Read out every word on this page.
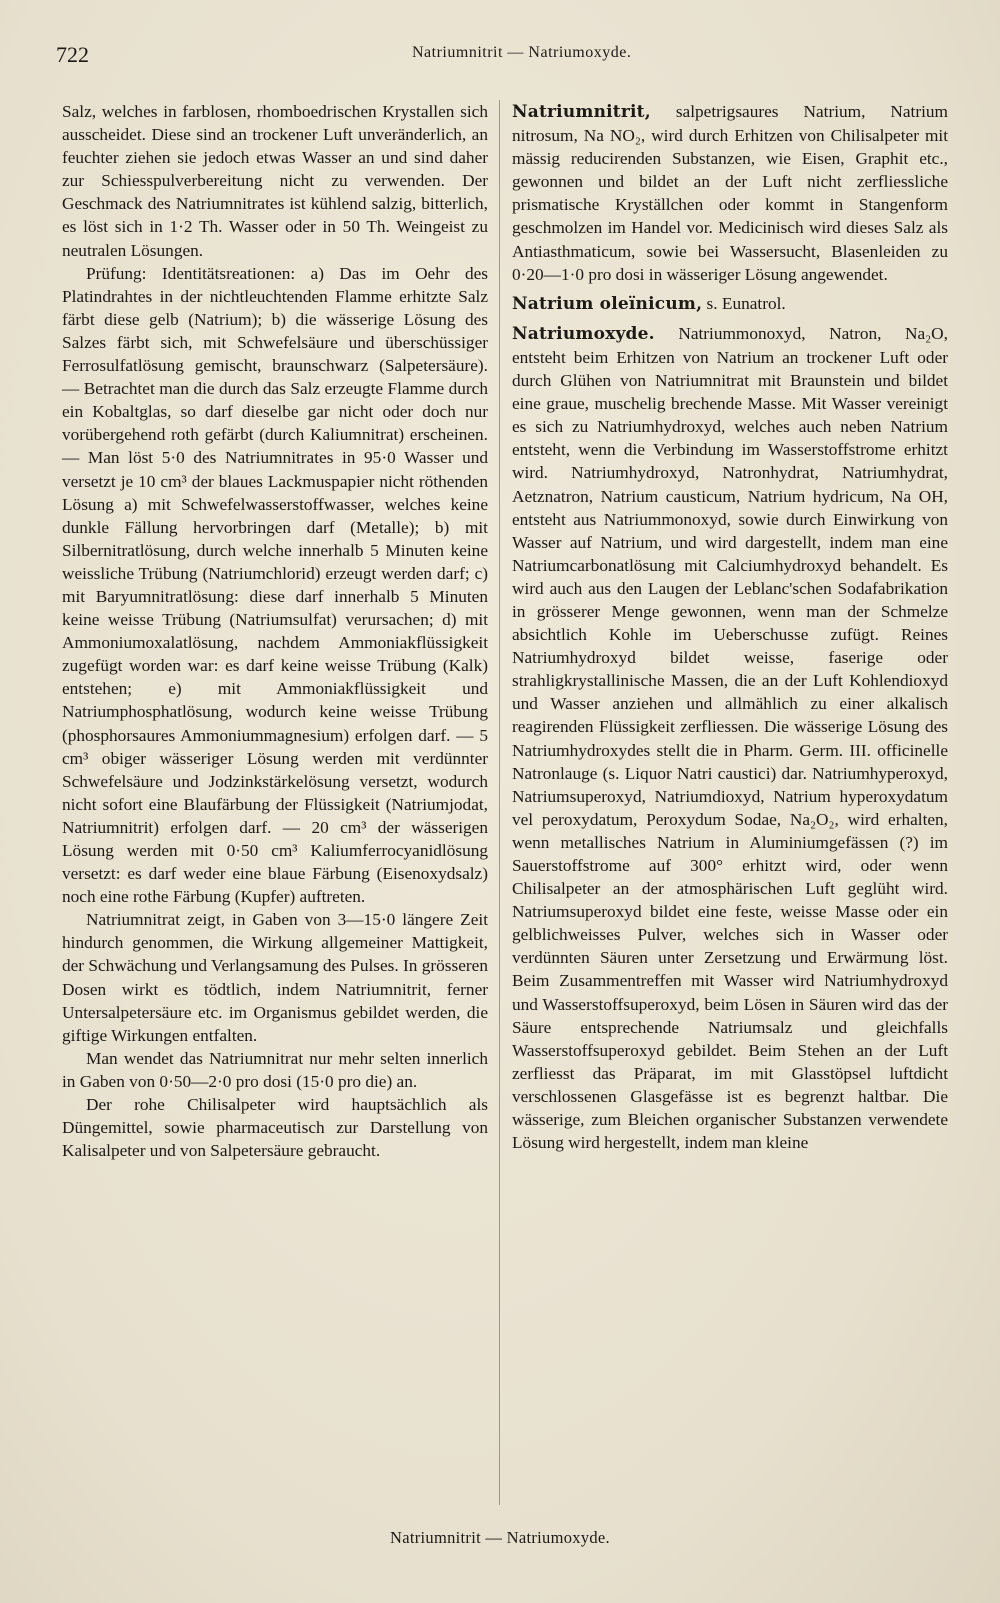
722	Natriumnitrit — Natriumoxyde.

Salz, welches in farblosen, rhomboedrischen Krystallen sich ausscheidet. Diese sind an trockener Luft unveränderlich, an feuchter ziehen sie jedoch etwas Wasser an und sind daher zur Schiesspulverbereitung nicht zu verwenden. Der Geschmack des Natriumnitrates ist kühlend salzig, bitterlich, es löst sich in 1·2 Th. Wasser oder in 50 Th. Weingeist zu neutralen Lösungen.

Prüfung: Identitätsreationen: a) Das im Oehr des Platindrahtes in der nichtleuchtenden Flamme erhitzte Salz färbt diese gelb (Natrium); b) die wässerige Lösung des Salzes färbt sich, mit Schwefelsäure und überschüssiger Ferrosulfatlösung gemischt, braunschwarz (Salpetersäure). — Betrachtet man die durch das Salz erzeugte Flamme durch ein Kobaltglas, so darf dieselbe gar nicht oder doch nur vorübergehend roth gefärbt (durch Kaliumnitrat) erscheinen. — Man löst 5·0 des Natriumnitrates in 95·0 Wasser und versetzt je 10 cm³ der blaues Lackmuspapier nicht röthenden Lösung a) mit Schwefelwasserstoffwasser, welches keine dunkle Fällung hervorbringen darf (Metalle); b) mit Silbernitratlösung, durch welche innerhalb 5 Minuten keine weissliche Trübung (Natriumchlorid) erzeugt werden darf; c) mit Baryumnitratlösung: diese darf innerhalb 5 Minuten keine weisse Trübung (Natriumsulfat) verursachen; d) mit Ammoniumoxalatlösung, nachdem Ammoniakflüssigkeit zugefügt worden war: es darf keine weisse Trübung (Kalk) entstehen; e) mit Ammoniakflüssigkeit und Natriumphosphatlösung, wodurch keine weisse Trübung (phosphorsaures Ammoniummagnesium) erfolgen darf. — 5 cm³ obiger wässeriger Lösung werden mit verdünnter Schwefelsäure und Jodzinkstärkelösung versetzt, wodurch nicht sofort eine Blaufärbung der Flüssigkeit (Natriumjodat, Natriumnitrit) erfolgen darf. — 20 cm³ der wässerigen Lösung werden mit 0·50 cm³ Kaliumferrocyanidlösung versetzt: es darf weder eine blaue Färbung (Eisenoxydsalz) noch eine rothe Färbung (Kupfer) auftreten.

Natriumnitrat zeigt, in Gaben von 3—15·0 längere Zeit hindurch genommen, die Wirkung allgemeiner Mattigkeit, der Schwächung und Verlangsamung des Pulses. In grösseren Dosen wirkt es tödtlich, indem Natriumnitrit, ferner Untersalpetersäure etc. im Organismus gebildet werden, die giftige Wirkungen entfalten.

Man wendet das Natriumnitrat nur mehr selten innerlich in Gaben von 0·50—2·0 pro dosi (15·0 pro die) an.

Der rohe Chilisalpeter wird hauptsächlich als Düngemittel, sowie pharmaceutisch zur Darstellung von Kalisalpeter und von Salpetersäure gebraucht.

Natriumnitrit, salpetrigsaures Natrium, Natrium nitrosum, Na NO₂, wird durch Erhitzen von Chilisalpeter mit mässig reducirenden Substanzen, wie Eisen, Graphit etc., gewonnen und bildet an der Luft nicht zerfliessliche prismatische Kryställchen oder kommt in Stangenform geschmolzen im Handel vor. Medicinisch wird dieses Salz als Antiasthmaticum, sowie bei Wassersucht, Blasenleiden zu 0·20—1·0 pro dosi in wässeriger Lösung angewendet.

Natrium oleïnicum, s. Eunatrol.

Natriumoxyde. Natriummonoxyd, Natron, Na₂O, entsteht beim Erhitzen von Natrium an trockener Luft oder durch Glühen von Natriumnitrat mit Braunstein und bildet eine graue, muschelig brechende Masse. Mit Wasser vereinigt es sich zu Natriumhydroxyd, welches auch neben Natrium entsteht, wenn die Verbindung im Wasserstoffstrome erhitzt wird. Natriumhydroxyd, Natronhydrat, Natriumhydrat, Aetznatron, Natrium causticum, Natrium hydricum, Na OH, entsteht aus Natriummonoxyd, sowie durch Einwirkung von Wasser auf Natrium, und wird dargestellt, indem man eine Natriumcarbonatlösung mit Calciumhydroxyd behandelt. Es wird auch aus den Laugen der Leblanc'schen Sodafabrikation in grösserer Menge gewonnen, wenn man der Schmelze absichtlich Kohle im Ueberschusse zufügt. Reines Natriumhydroxyd bildet weisse, faserige oder strahligkrystallinische Massen, die an der Luft Kohlendioxyd und Wasser anziehen und allmählich zu einer alkalisch reagirenden Flüssigkeit zerfliessen. Die wässerige Lösung des Natriumhydroxydes stellt die in Pharm. Germ. III. officinelle Natronlauge (s. Liquor Natri caustici) dar. Natriumhyperoxyd, Natriumsuperoxyd, Natriumdioxyd, Natrium hyperoxydatum vel peroxydatum, Peroxydum Sodae, Na₂O₂, wird erhalten, wenn metallisches Natrium in Aluminiumgefässen (?) im Sauerstoffstrome auf 300° erhitzt wird, oder wenn Chilisalpeter an der atmosphärischen Luft geglüht wird. Natriumsuperoxyd bildet eine feste, weisse Masse oder ein gelblichweisses Pulver, welches sich in Wasser oder verdünnten Säuren unter Zersetzung und Erwärmung löst. Beim Zusammentreffen mit Wasser wird Natriumhydroxyd und Wasserstoffsuperoxyd, beim Lösen in Säuren wird das der Säure entsprechende Natriumsalz und gleichfalls Wasserstoffsuperoxyd gebildet. Beim Stehen an der Luft zerfliesst das Präparat, im mit Glasstöpsel luftdicht verschlossenen Glasgefässe ist es begrenzt haltbar. Die wässerige, zum Bleichen organischer Substanzen verwendete Lösung wird hergestellt, indem man kleine

Natriumnitrit — Natriumoxyde.
